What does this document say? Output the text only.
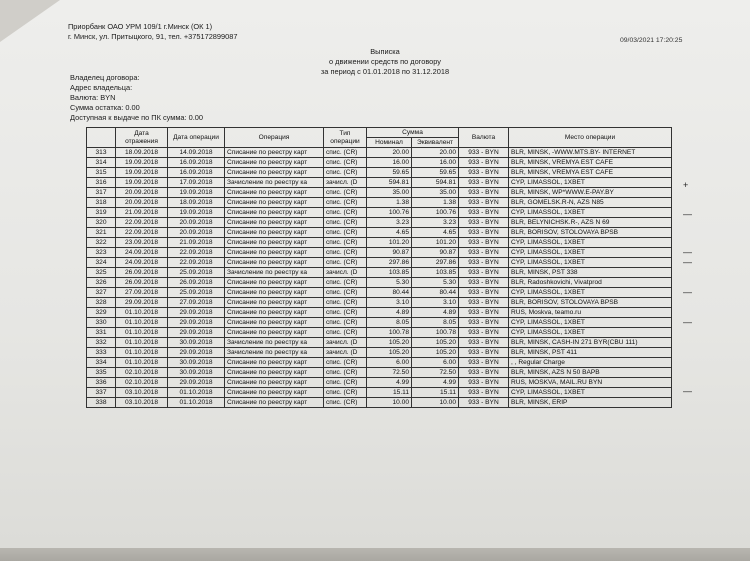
Приорбанк ОАО УРМ 109/1 г.Минск (ОК 1)
г. Минск, ул. Притыцкого, 91, тел. +375172899087	09/03/2021 17:20:25
Выписка
о движении средств по договору
за период с 01.01.2018 по 31.12.2018
Владелец договора:
Адрес владельца:
Валюта: BYN
Сумма остатка: 0.00
Доступная к выдаче по ПК сумма: 0.00
	Дата отражения	Дата операции	Операция	Тип операции	Сумма		Валюта	Место операции
					Номинал	Эквивалент		
313	18.09.2018	14.09.2018	Списание по реестру карт	спис. (CR)	20.00	20.00	933 - BYN	BLR, MINSK, -WWW.MTS.BY- INTERNET
314	19.09.2018	16.09.2018	Списание по реестру карт	спис. (CR)	16.00	16.00	933 - BYN	BLR, MINSK, VREMYA EST CAFE
315	19.09.2018	16.09.2018	Списание по реестру карт	спис. (CR)	59.65	59.65	933 - BYN	BLR, MINSK, VREMYA EST CAFE
316	19.09.2018	17.09.2018	Зачисление по реестру ка	зачисл. (D	594.81	594.81	933 - BYN	CYP, LIMASSOL, 1XBET
317	20.09.2018	19.09.2018	Списание по реестру карт	спис. (CR)	35.00	35.00	933 - BYN	BLR, MINSK, WP*WWW.E-PAY.BY
318	20.09.2018	18.09.2018	Списание по реестру карт	спис. (CR)	1.38	1.38	933 - BYN	BLR, GOMELSK.R-N, AZS N85
319	21.09.2018	19.09.2018	Списание по реестру карт	спис. (CR)	100.76	100.76	933 - BYN	CYP, LIMASSOL, 1XBET
320	22.09.2018	20.09.2018	Списание по реестру карт	спис. (CR)	3.23	3.23	933 - BYN	BLR, BELYNICHSK.R-, AZS N 69
321	22.09.2018	20.09.2018	Списание по реестру карт	спис. (CR)	4.65	4.65	933 - BYN	BLR, BORISOV, STOLOVAYA BPSB
322	23.09.2018	21.09.2018	Списание по реестру карт	спис. (CR)	101.20	101.20	933 - BYN	CYP, LIMASSOL, 1XBET
323	24.09.2018	22.09.2018	Списание по реестру карт	спис. (CR)	90.87	90.87	933 - BYN	CYP, LIMASSOL, 1XBET
324	24.09.2018	22.09.2018	Списание по реестру карт	спис. (CR)	297.86	297.86	933 - BYN	CYP, LIMASSOL, 1XBET
325	26.09.2018	25.09.2018	Зачисление по реестру ка	зачисл. (D	103.85	103.85	933 - BYN	BLR, MINSK, PST 338
326	26.09.2018	26.09.2018	Списание по реестру карт	спис. (CR)	5.30	5.30	933 - BYN	BLR, Radoshkovichi, Vivatprod
327	27.09.2018	25.09.2018	Списание по реестру карт	спис. (CR)	80.44	80.44	933 - BYN	CYP, LIMASSOL, 1XBET
328	29.09.2018	27.09.2018	Списание по реестру карт	спис. (CR)	3.10	3.10	933 - BYN	BLR, BORISOV, STOLOVAYA BPSB
329	01.10.2018	29.09.2018	Списание по реестру карт	спис. (CR)	4.89	4.89	933 - BYN	RUS, Moskva, teamo.ru
330	01.10.2018	29.09.2018	Списание по реестру карт	спис. (CR)	8.05	8.05	933 - BYN	CYP, LIMASSOL, 1XBET
331	01.10.2018	29.09.2018	Списание по реестру карт	спис. (CR)	100.78	100.78	933 - BYN	CYP, LIMASSOL, 1XBET
332	01.10.2018	30.09.2018	Зачисление по реестру ка	зачисл. (D	105.20	105.20	933 - BYN	BLR, MINSK, CASH-IN 271 BYR(CBU 111)
333	01.10.2018	29.09.2018	Зачисление по реестру ка	зачисл. (D	105.20	105.20	933 - BYN	BLR, MINSK, PST 411
334	01.10.2018	30.09.2018	Списание по реестру карт	спис. (CR)	6.00	6.00	933 - BYN	, , Regular Charge
335	02.10.2018	30.09.2018	Списание по реестру карт	спис. (CR)	72.50	72.50	933 - BYN	BLR, MINSK, AZS N 50 BAPB
336	02.10.2018	29.09.2018	Списание по реестру карт	спис. (CR)	4.99	4.99	933 - BYN	RUS, MOSKVA, MAIL.RU BYN
337	03.10.2018	01.10.2018	Списание по реестру карт	спис. (CR)	15.11	15.11	933 - BYN	CYP, LIMASSOL, 1XBET
338	03.10.2018	01.10.2018	Списание по реестру карт	спис. (CR)	10.00	10.00	933 - BYN	BLR, MINSK, ERIP
+
—
—
—
—
—
—
